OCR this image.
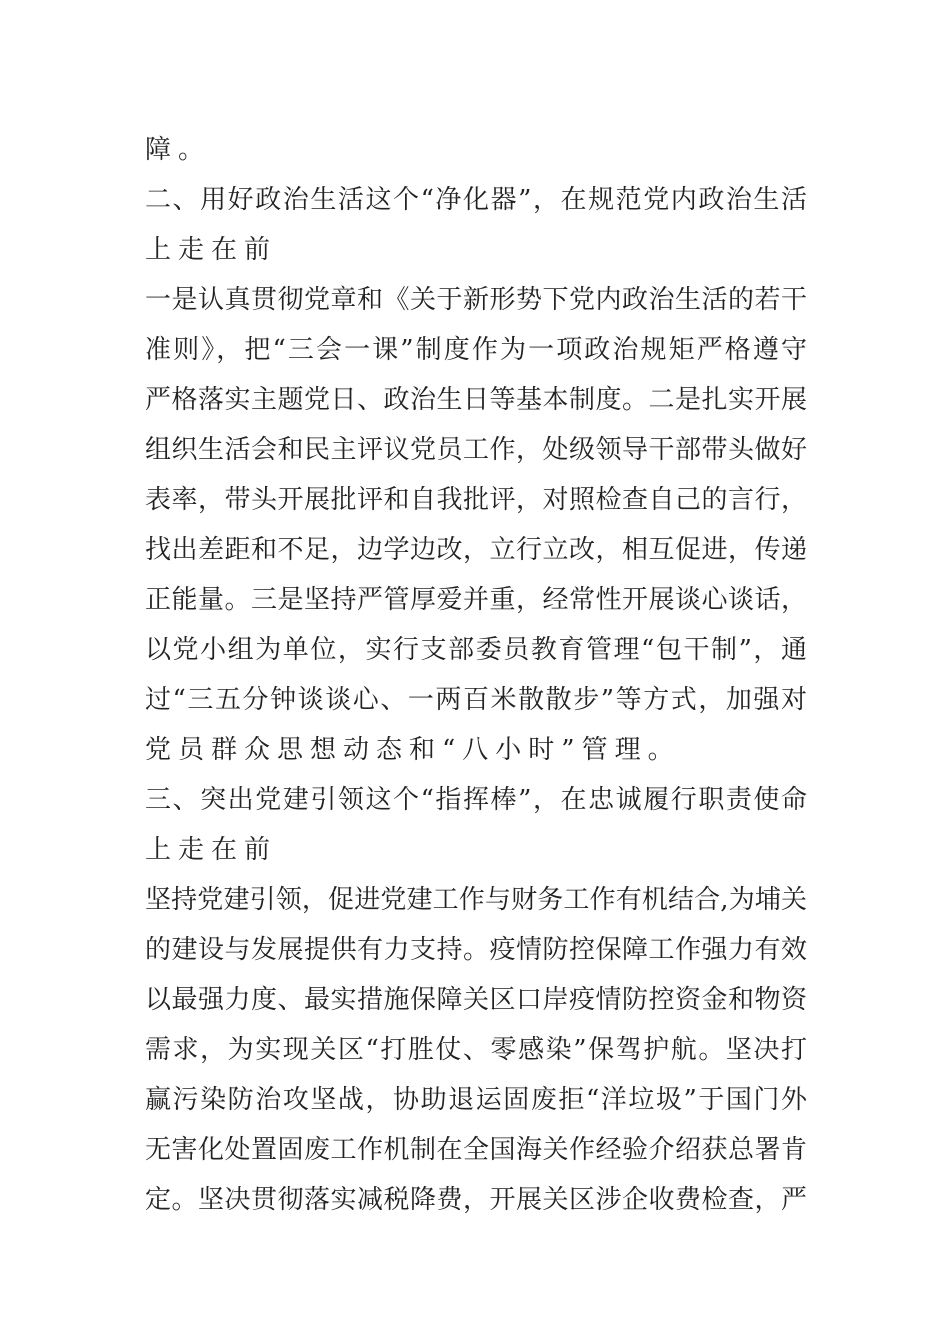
障。
二、用好政治生活这个“净化器”，在规范党内政治生活
上走在前
一是认真贯彻党章和《关于新形势下党内政治生活的若干
准则》，把“三会一课”制度作为一项政治规矩严格遵守
严格落实主题党日、政治生日等基本制度。二是扎实开展
组织生活会和民主评议党员工作，处级领导干部带头做好
表率，带头开展批评和自我批评，对照检查自己的言行，
找出差距和不足，边学边改，立行立改，相互促进，传递
正能量。三是坚持严管厚爱并重，经常性开展谈心谈话，
以党小组为单位，实行支部委员教育管理“包干制”，通
过“三五分钟谈谈心、一两百米散散步”等方式，加强对
党员群众思想动态和“八小时”管理。
三、突出党建引领这个“指挥棒”，在忠诚履行职责使命
上走在前
坚持党建引领，促进党建工作与财务工作有机结合,为埔关
的建设与发展提供有力支持。疫情防控保障工作强力有效
以最强力度、最实措施保障关区口岸疫情防控资金和物资
需求，为实现关区“打胜仗、零感染”保驾护航。坚决打
赢污染防治攻坚战，协助退运固废拒“洋垃圾”于国门外
无害化处置固废工作机制在全国海关作经验介绍获总署肯
定。坚决贯彻落实减税降费，开展关区涉企收费检查，严
